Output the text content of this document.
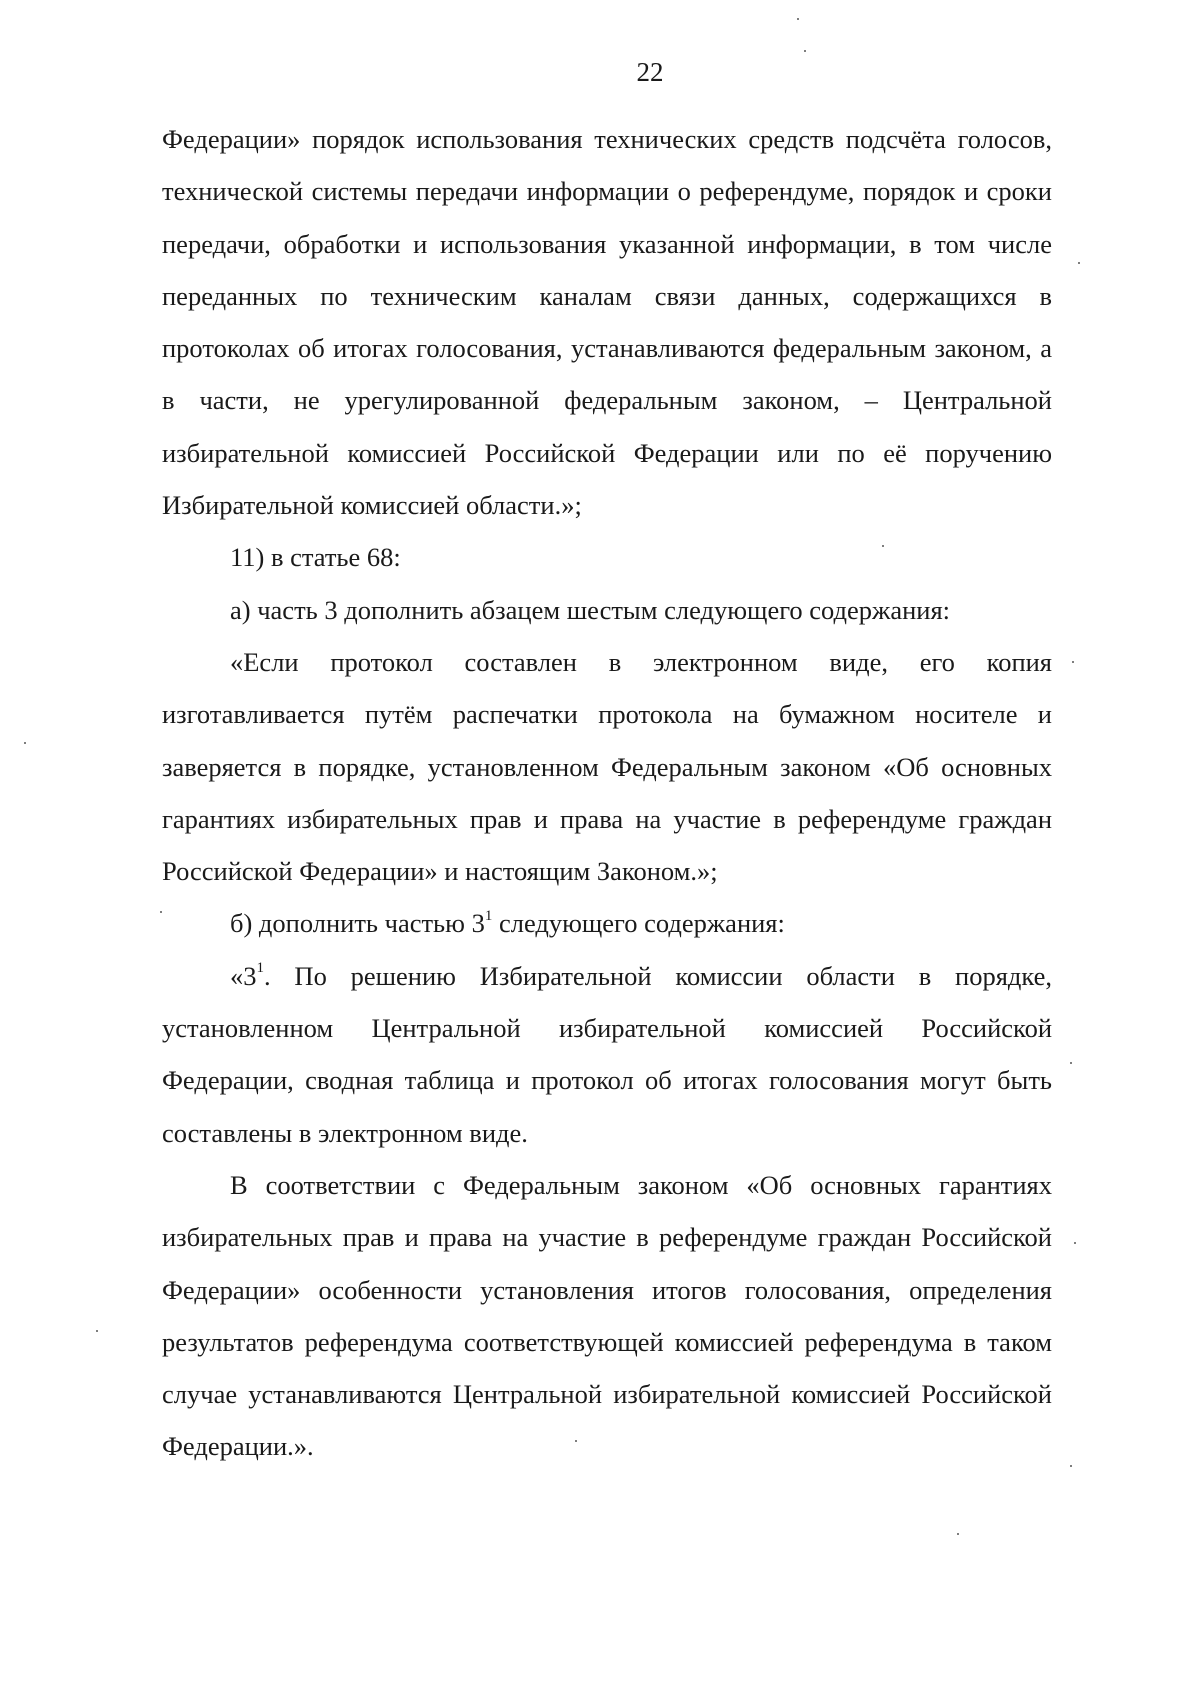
22

Федерации» порядок использования технических средств подсчёта голосов, технической системы передачи информации о референдуме, порядок и сроки передачи, обработки и использования указанной информации, в том числе переданных по техническим каналам связи данных, содержащихся в протоколах об итогах голосования, устанавливаются федеральным законом, а в части, не урегулированной федеральным законом, – Центральной избирательной комиссией Российской Федерации или по её поручению Избирательной комиссией области.»;

11) в статье 68:

а) часть 3 дополнить абзацем шестым следующего содержания:

«Если протокол составлен в электронном виде, его копия изготавливается путём распечатки протокола на бумажном носителе и заверяется в порядке, установленном Федеральным законом «Об основных гарантиях избирательных прав и права на участие в референдуме граждан Российской Федерации» и настоящим Законом.»;

б) дополнить частью $3^1$ следующего содержания:

«$3^1$. По решению Избирательной комиссии области в порядке, установленном Центральной избирательной комиссией Российской Федерации, сводная таблица и протокол об итогах голосования могут быть составлены в электронном виде.

В соответствии с Федеральным законом «Об основных гарантиях избирательных прав и права на участие в референдуме граждан Российской Федерации» особенности установления итогов голосования, определения результатов референдума соответствующей комиссией референдума в таком случае устанавливаются Центральной избирательной комиссией Российской Федерации.».
